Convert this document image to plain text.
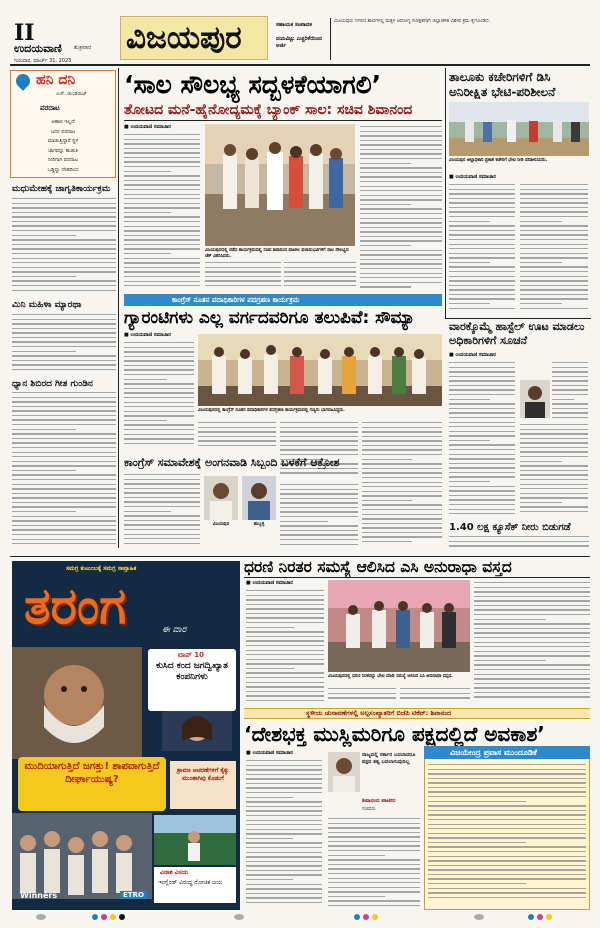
II
ಉದಯವಾಣಿ ಶುಕ್ರವಾರ
ಗುರುವಾರ, ಮಾರ್ಚ್ 31, 2023
ವಿಜಯಪುರ	ಸಹಾಯಕ ಸಂಪಾದಕ
ದಯವಿಟ್ಟು ಎಚ್ಚರಿಕೆಯಿಂದ ಅರ್ಜಿ
ವಿಜಯಪುರ: ನಗರದ ಶಾಲೆಗಳಲ್ಲಿ ಮಕ್ಕಳ ಆರೋಗ್ಯ ಸುರಕ್ಷತೆಗಾಗಿ ಜಿಲ್ಲಾಡಳಿತ ವಿಶೇಷ ಕ್ರಮ ಕೈಗೊಂಡಿದೆ.
ಹನಿ ದನಿ
ಎಚ್. ಡುಂಡಿರಾಜ್
ಪರದಾಟ
ಆಹಾರ ಇಲ್ಲದೆ
ಜನರ ಪರದಾಟ
ಮಾಡುತ್ತಿದ್ದಾರೆ ಸ್ಥಳ
ಜಾಗವನ್ನು ಹುಡುಕಿ
ನೀರಿಗಾಗಿ ಪರದಾಟ
ಒಡ್ಡಿದ್ದು ದೇಹದಿಂದ
ಮಧುಮೇಹಕ್ಕೆ ಜಾಗೃತಿಕಾರ್ಯಕ್ರಮ
ಮಿನಿ ಮಹಿಳಾ ಮ್ಯಾರಥಾ
ಧ್ಯಾನ ಶಿಬಿರದ ಗೀತ ಗುಂಡಿನ
‘ಸಾಲ ಸೌಲಭ್ಯ ಸದ್ಬಳಕೆಯಾಗಲಿ’
ತೋಟದ ಮನೆ-ಹೈನೋದ್ಯಮಕ್ಕೆ ಬ್ಯಾಂಕ್ ಸಾಲ: ಸಚಿವ ಶಿವಾನಂದ
■ ಉದಯವಾಣಿ ಸಮಾಚಾರ
ವಿಜಯಪುರದಲ್ಲಿ ನಡೆದ ಕಾರ್ಯಕ್ರಮದಲ್ಲಿ ಸಚಿವ ಶಿವಾನಂದ ಪಾಟೀಲ ಫಲಾನುಭವಿಗಳಿಗೆ ಸಾಲ ಸೌಲಭ್ಯದ ಚೆಕ್ ವಿತರಿಸಿದರು.
ತಾಲೂಕು ಕಚೇರಿಗಳಿಗೆ ಡಿಸಿ ಅನಿರೀಕ್ಷಿತ ಭೇಟಿ-ಪರಿಶೀಲನೆ
ವಿಜಯಪುರ ಜಿಲ್ಲಾಧಿಕಾರಿ ಪ್ರಕಾಶ ಕಚೇರಿಗೆ ಭೇಟಿ ನೀಡಿ ಪರಿಶೀಲಿಸಿದರು.
■ ಉದಯವಾಣಿ ಸಮಾಚಾರ
ಕಾಂಗ್ರೆಸ್ ನೂತನ ಪದಾಧಿಕಾರಿಗಳ ಪದಗ್ರಹಣ ಕಾರ್ಯಕ್ರಮ
ಗ್ಯಾರಂಟಿಗಳು ಎಲ್ಲ ವರ್ಗದವರಿಗೂ ತಲುಪಿವೆ: ಸೌಮ್ಯಾ
■ ಉದಯವಾಣಿ ಸಮಾಚಾರ
ವಿಜಯಪುರದಲ್ಲಿ ಕಾಂಗ್ರೆಸ್ ನೂತನ ಪದಾಧಿಕಾರಿಗಳ ಪದಗ್ರಹಣ ಕಾರ್ಯಕ್ರಮದಲ್ಲಿ ಗಣ್ಯರು ಭಾಗವಹಿಸಿದ್ದರು.
ಕಾಂಗ್ರೆಸ್ ಸಮಾವೇಶಕ್ಕೆ ಅಂಗನವಾಡಿ ಸಿಬ್ಬಂದಿ ಬಳಕೆಗೆ ಆಕ್ರೋಶ
ವಿಜಯಪುರ	ಹುಬ್ಬಳ್ಳಿ
ವಾರಕ್ಕೊಮ್ಮೆ ಹಾಸ್ಟೆಲ್ ಊಟ ಮಾಡಲು ಅಧಿಕಾರಿಗಳಿಗೆ ಸೂಚನೆ
■ ಉದಯವಾಣಿ ಸಮಾಚಾರ
1.40 ಲಕ್ಷ ಕ್ಯೂಸೆಕ್ ನೀರು ಬಿಡುಗಡೆ
ಸಮಗ್ರ ಕುಟುಂಬಕ್ಕೆ ಸಮಗ್ರ ಸಾಪ್ತಾಹಿಕ
ತರಂಗ	ಈ ವಾರ
ಟಾಪ್ 10
ಕುಸಿದ ಕಂದ ಜಗದ್ವಿಖ್ಯಾತ ಕಂಪನಿಗಳು
ಮುದಿಯಾಗುತ್ತಿದೆ ಜಗತ್ತು! ಶಾಪವಾಗುತ್ತಿದೆ ದೀರ್ಘಾಯುಷ್ಯ?
ಶ್ರಾವಣ ಆಚರಣೆಗಳಿಗೆ ಕೈಕ್ಕು ಮುಂತಾಗಿವು ಕೊಡುಗೆ
ವಿನಾಶ ವಿಸಯ
ಇಂಗ್ಲೆಂಡ್ ವಿರುದ್ಧ ರೋಚಕ ಜಯ
Winners	ETRO
ಧರಣಿ ನಿರತರ ಸಮಸ್ಯೆ ಆಲಿಸಿದ ಎಸಿ ಅನುರಾಧಾ ವಸ್ತದ
■ ಉದಯವಾಣಿ ಸಮಾಚಾರ
ವಿಜಯಪುರದಲ್ಲಿ ಧರಣಿ ನಿರತರನ್ನು ಭೇಟಿ ಮಾಡಿ ಸಮಸ್ಯೆ ಆಲಿಸಿದ ಎಸಿ ಅನುರಾಧಾ ವಸ್ತದ.
ಸ್ಥಳೀಯ ಚುನಾವಣೆಗಳಲ್ಲಿ ಅಲ್ಪಸಂಖ್ಯಾತರಿಗೆ ಬಿಜೆಪಿ ಟಿಕೆಟ್: ಶಿವಾನಂದ
‘ದೇಶಭಕ್ತ ಮುಸ್ಲಿಮರಿಗೂ ಪಕ್ಷದಲ್ಲಿದೆ ಅವಕಾಶ’
■ ಉದಯವಾಣಿ ಸಮಾಚಾರ	ರಾಜ್ಯದಲ್ಲಿ ಸರ್ಕಾರ ಬದಲಾದರೂ ಪಕ್ಷದ ತತ್ವ ಬದಲಾಗುವುದಿಲ್ಲ
ಶಿವಾನಂದ ಪಾಟೀಲ
ಸಚಿವರು
ವಿಜಯೇಂದ್ರ ಪ್ರವಾಸ ಮುಂದೂಡಿಕೆ
